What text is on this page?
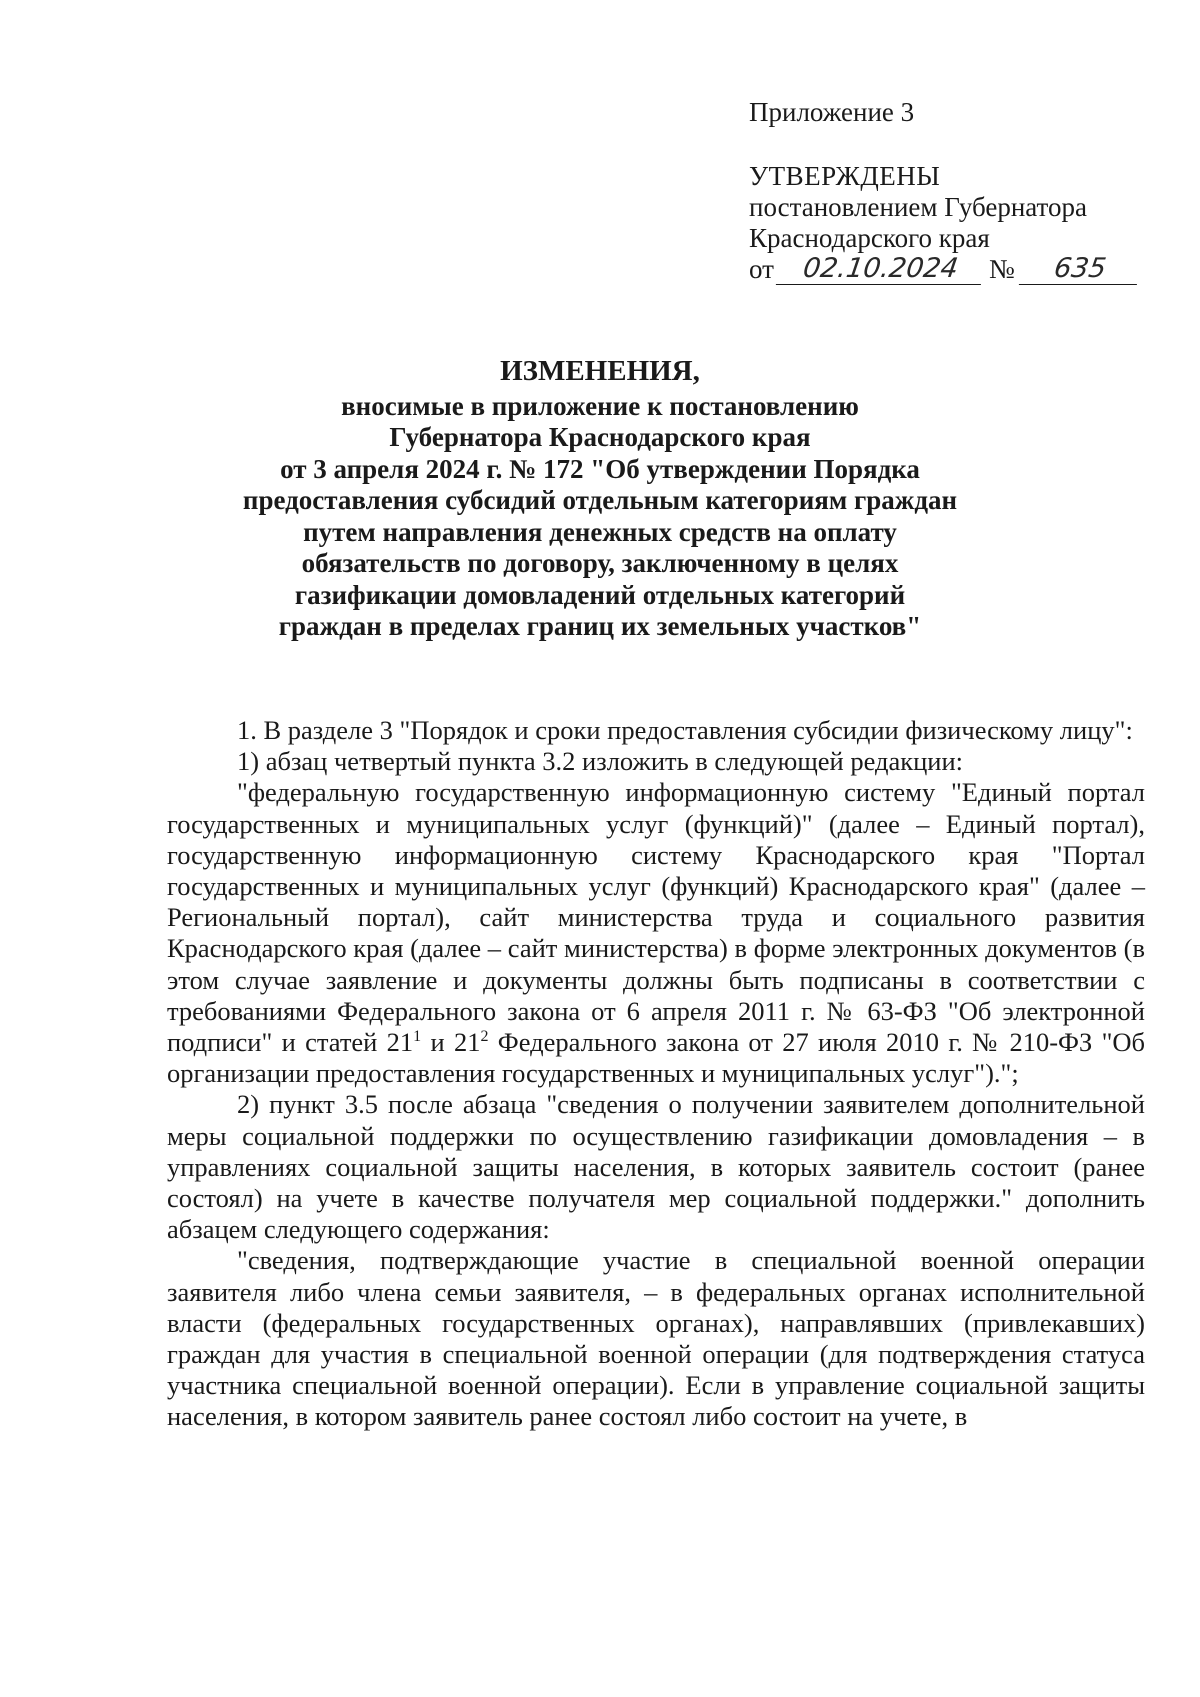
Приложение 3
УТВЕРЖДЕНЫ
постановлением Губернатора
Краснодарского края
от	02.10.2024	№	635
ИЗМЕНЕНИЯ,
вносимые в приложение к постановлению
Губернатора Краснодарского края
от 3 апреля 2024 г. № 172 "Об утверждении Порядка
предоставления субсидий отдельным категориям граждан
путем направления денежных средств на оплату
обязательств по договору, заключенному в целях
газификации домовладений отдельных категорий
граждан в пределах границ их земельных участков"

1. В разделе 3 "Порядок и сроки предоставления субсидии физическому лицу":

1) абзац четвертый пункта 3.2 изложить в следующей редакции:

"федеральную государственную информационную систему "Единый портал государственных и муниципальных услуг (функций)" (далее – Единый портал), государственную информационную систему Краснодарского края "Портал государственных и муниципальных услуг (функций) Краснодарского края" (далее – Региональный портал), сайт министерства труда и социального развития Краснодарского края (далее – сайт министерства) в форме электронных документов (в этом случае заявление и документы должны быть подписаны в соответствии с требованиями Федерального закона от 6 апреля 2011 г. № 63-ФЗ "Об электронной подписи" и статей $21^1$ и $21^2$ Федерального закона от 27 июля 2010 г. № 210-ФЗ "Об организации предоставления государственных и муниципальных услуг").";

2) пункт 3.5 после абзаца "сведения о получении заявителем дополнительной меры социальной поддержки по осуществлению газификации домовладения – в управлениях социальной защиты населения, в которых заявитель состоит (ранее состоял) на учете в качестве получателя мер социальной поддержки." дополнить абзацем следующего содержания:

"сведения, подтверждающие участие в специальной военной операции заявителя либо члена семьи заявителя, – в федеральных органах исполнительной власти (федеральных государственных органах), направлявших (привлекавших) граждан для участия в специальной военной операции (для подтверждения статуса участника специальной военной операции). Если в управление социальной защиты населения, в котором заявитель ранее состоял либо состоит на учете, в
